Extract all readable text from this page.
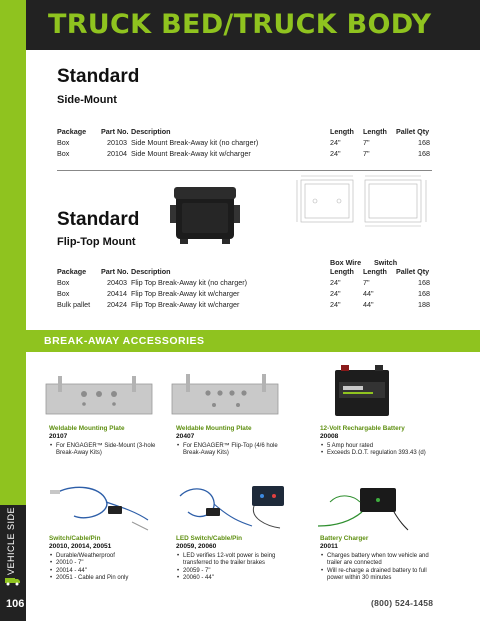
TRUCK BED/TRUCK BODY
VEHICLE SIDE
106
Standard
Side-Mount
Package Part No. Description	Length Length Pallet Qty
Box	20103 Side Mount Break-Away kit (no charger)	24"	7"	168
Box	20104 Side Mount Break-Away kit w/charger	24"	7"	168
Standard
Flip-Top Mount
Box Wire Switch
Package Part No. Description	Length Length Pallet Qty
Box	20403 Flip Top Break-Away kit (no charger)	24"	7"	168
Box	20414 Flip Top Break-Away kit w/charger	24"	44"	168
Bulk pallet	20424 Flip Top Break-Away kit w/charger	24"	44"	188
BREAK-AWAY ACCESSORIES
Weldable Mounting Plate
20107
• For ENGAGER™ Side-Mount (3-hole Break-Away Kits)
Weldable Mounting Plate
20407
• For ENGAGER™ Flip-Top (4/6 hole Break-Away Kits)
12-Volt Rechargable Battery
20008
• 5 Amp hour rated
• Exceeds D.O.T. regulation 393.43 (d)
Switch/Cable/Pin
20010, 20014, 20051
• Durable/Weatherproof
• 20010 - 7"
• 20014 - 44"
• 20051 - Cable and Pin only
LED Switch/Cable/Pin
20059, 20060
• LED verifies 12-volt power is being transferred to the trailer brakes
• 20059 - 7"
• 20060 - 44"
Battery Charger
20011
• Charges battery when tow vehicle and trailer are connected
• Will re-charge a drained battery to full power within 30 minutes
(800) 524-1458
